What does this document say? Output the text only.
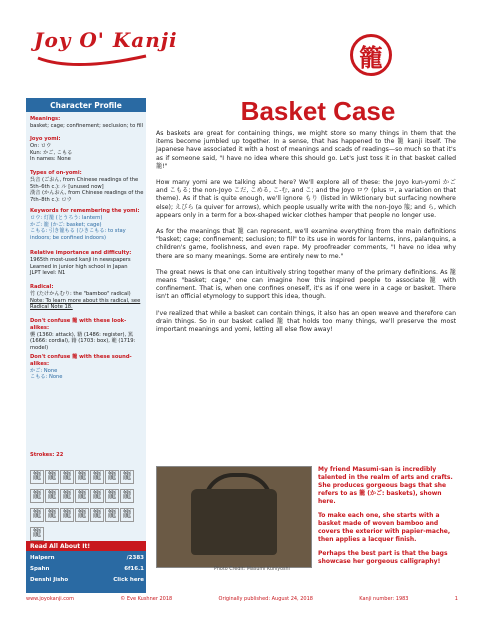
Joy O' Kanji
籠
Basket Case
Character Profile
Meanings:
basket; cage; confinement; seclusion; to fill
Joyo yomi:
On: ロウ
Kun: かご, こもる
In names: None
Types of on-yomi:
呉音 (ごおん, from Chinese readings of the 5th–6th c.): ル [unused now]
漢音 (かんおん, from Chinese readings of the 7th–8th c.): ロウ
Keywords for remembering the yomi:
ロウ: 灯籠 (とうろう: lantern)
かご: 籠 (かご: basket; cage)
こもる: 引き籠もる (ひきこもる: to stay indoors; be confined indoors)
Relative importance and difficulty:
1965th most-used kanji in newspapers
Learned in junior high school in Japan
JLPT level: N1
Radical:
竹 (たけかんむり: the "bamboo" radical)
Note: To learn more about this radical, see Radical Note 18.
Don't confuse 籠 with these look-alikes:
襲 (1360: attack), 籍 (1486: register), 篤 (1666: cordial), 籍 (1703: box), 範 (1719: model)
Don't confuse 籠 with these sound-alikes:
かご: None
こもる: None
Strokes: 22
籠 籠 籠 籠 籠 籠 籠籠 籠 籠 籠 籠 籠 籠籠 籠 籠 籠 籠 籠 籠籠
Read All About It!
Halpern	/2383
Spahn	6f16.1
Denshi Jisho	Click here

As baskets are great for containing things, we might store so many things in them that the items become jumbled up together. In a sense, that has happened to the 籠 kanji itself. The Japanese have associated it with a host of meanings and scads of readings—so much so that it's as if someone said, "I have no idea where this should go. Let's just toss it in that basket called 籠!"

How many yomi are we talking about here? We'll explore all of these: the Joyo kun-yomi かご and こもる; the non-Joyo こだ, こめる, こ-む, and こ; and the Joyo ロウ (plus ロ, a variation on that theme). As if that is quite enough, we'll ignore もり (listed in Wiktionary but surfacing nowhere else); えびら (a quiver for arrows), which people usually write with the non-Joyo 箙; and ら, which appears only in a term for a box-shaped wicker clothes hamper that people no longer use.

As for the meanings that 籠 can represent, we'll examine everything from the main definitions "basket; cage; confinement; seclusion; to fill" to its use in words for lanterns, inns, palanquins, a children's game, foolishness, and even rape. My proofreader comments, "I have no idea why there are so many meanings. Some are entirely new to me."

The great news is that one can intuitively string together many of the primary definitions. As 籠 means "basket; cage," one can imagine how this inspired people to associate 籠 with confinement. That is, when one confines oneself, it's as if one were in a cage or basket. There isn't an official etymology to support this idea, though.

I've realized that while a basket can contain things, it also has an open weave and therefore can drain things. So in our basket called 籠 that holds too many things, we'll preserve the most important meanings and yomi, letting all else flow away!

Photo Credit: Masumi Kuniyoshi

My friend Masumi-san is incredibly talented in the realm of arts and crafts. She produces gorgeous bags that she refers to as 籠 (かご: baskets), shown here.

To make each one, she starts with a basket made of woven bamboo and covers the exterior with papier-mache, then applies a lacquer finish.

Perhaps the best part is that the bags showcase her gorgeous calligraphy!

www.joyokanji.com	© Eve Kushner 2018	Originally published: August 24, 2018	Kanji number: 1983	1
